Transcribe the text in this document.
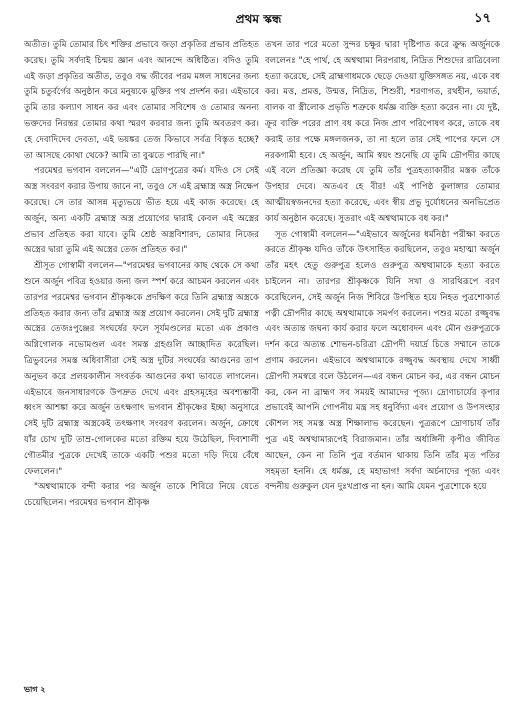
প্রথম স্কন্ধ	১৭

অতীত। তুমি তোমার চিৎ শক্তির প্রভাবে জড়া প্রকৃতির প্রভাব প্রতিহত করেছ। তুমি সর্বদাই চিন্ময় জ্ঞান এবং আনন্দে অধিষ্ঠিত। বদিও তুমি এই জড়া প্রকৃতির অতীত, তবুও বদ্ধ জীবের পরম মঙ্গল সাধনের জন্য তুমি চতুর্বর্গের অনুষ্ঠান করে মনুষ্যকে মুক্তির পথ প্রদর্শন কর। এইভাবে তুমি তার কল্যাণ সাধন কর এবং তোমার সবিশেষ ও তোমার অনন্য ভক্তদের নিরন্তর তোমার কথা স্মরণ করবার জন্য তুমি অবতরণ কর। হে দেবাদিদেব দেবতা, এই ভয়ঙ্কর তেজ কিভাবে সর্বত্র বিস্তৃত হচ্ছে? তা আসছে কোথা থেকে? আমি তা বুঝতে পারছি না।"

পরমেশ্বর ভগবান বললেন—"এটি দ্রোণপুত্রের কর্ম। যদিও সে সেই অস্ত্র সংবরণ করার উপায় জানে না, তবুও সে এই ব্রহ্মাস্ত্র অস্ত্র নিক্ষেপ করেছে। সে তার আসন্ন মৃত্যুভয়ে ভীত হয়ে এই কাজ করেছে। হে অর্জুন, অন্য একটি ব্রহ্মাস্ত্র অস্ত্র প্রয়োগের দ্বারাই কেবল এই অস্ত্রের প্রভাব প্রতিহত করা যাবে। তুমি শ্রেষ্ঠ অস্ত্রবিশারদ, তোমার নিজের অস্ত্রের দ্বারা তুমি এই অস্ত্রের তেজ প্রতিহত কর।"

শ্রীসূত গোস্বামী বললেন—"পরমেশ্বর ভগবানের কাছ থেকে সে কথা শুনে অর্জুন পবিত্র হওয়ার জন্য জল স্পর্শ করে আচমন করলেন এবং তারপর পরমেশ্বর ভগবান শ্রীকৃষ্ণকে প্রদক্ষিণ করে তিনি ব্রহ্মাস্ত্র অস্ত্রকে প্রতিহত করার জন্য তাঁর ব্রহ্মাস্ত্র অস্ত্র প্রয়োগ করলেন। সেই দুটি ব্রহ্মাস্ত্র অস্ত্রের তেজঃপুঞ্জের সংঘর্ষের ফলে সূর্যমণ্ডলের মতো এক প্রকাণ্ড অগ্নিগোলক নভোমণ্ডল এবং সমস্ত গ্রহগুলি আচ্ছাদিত করেছিল। ত্রিভুবনের সমস্ত অধিবাসীরা সেই অস্ত্র দুটির সংঘর্ষের আগুনের তাপ অনুভব করে প্রলয়কালীন সংবর্তক আগুনের কথা ভাবতে লাগলেন। এইভাবে জনসাধারণকে উপদ্রুত দেখে এবং গ্রহসমূহের অবশ্যম্ভাবী ধ্বংস আশঙ্কা করে অর্জুন তৎক্ষণাৎ ভগবান শ্রীকৃষ্ণের ইচ্ছা অনুসারে সেই দুটি ব্রহ্মাস্ত্র অস্ত্রকেই তৎক্ষণাৎ সংবরণ করলেন। অর্জুন, ক্রোধে যাঁর চোখ দুটি তাম্র-গোলকের মতো রক্তিম হয়ে উঠেছিল, দিব্যশালী গৌতমীর পুত্রকে দেখেই তাকে একটি পশুর মতো দড়ি দিয়ে বেঁধে ফেললেন।"

"অশ্বত্থামাকে বন্দী করার পর অর্জুন তাকে শিবিরে নিয়ে যেতে চেয়েছিলেন। পরমেশ্বর ভগবান শ্রীকৃষ্ণ

তখন তার পরে মতো সুন্দর চক্ষুর দ্বারা দৃষ্টিপাত করে ক্রুদ্ধ অর্জুনকে বললেনঃ "হে পার্থ, হে অশ্বত্থামা নিরপরাধ, নিদ্রিত শিশুদের রাত্রিবেলা হত্যা করেছে, সেই ব্রাহ্মণাধমকে ছেড়ে দেওয়া যুক্তিসঙ্গত নয়, একে বধ কর। মত্ত, প্রমত্ত, উন্মত্ত, নিদ্রিত, শিশুরী, শরণাগত, রথহীন, ভয়ার্ত, বালক বা স্ত্রীলোক প্রভৃতি শত্রুকে ধর্মজ্ঞ ব্যক্তি হত্যা করেন না। যে দুষ্ট, ক্রূর ব্যক্তি পরের প্রাণ বধ করে নিজ প্রাণ পরিপোষণ করে, তাকে বধ করাই তার পক্ষে মঙ্গলজনক, তা না হলে তার সেই পাপের ফলে সে নরকগামী হবে। হে অর্জুন, আমি স্বয়ং শুনেছি যে তুমি দ্রৌপদীর কাছে এই বলে প্রতিজ্ঞা করেছ যে তুমি তাঁর পুত্রহত্যাকারীর মস্তক তাঁকে উপহার দেবে। অতএব হে বীর! এই পাপিষ্ঠ কুলাঙ্গার তোমার আত্মীয়স্বজনদের হত্যা করেছে, এবং স্বীয় প্রভু দুর্যোধনের অনভিপ্রেত কার্য অনুষ্ঠান করেছে। সুতরাং এই অশ্বত্থামাকে বধ কর।"

সূত গোস্বামী বললেন—"এইভাবে অর্জুনের ধর্মনিষ্ঠা পরীক্ষা করতে করতে শ্রীকৃষ্ণ যদিও তাঁকে উৎসাহিত করছিলেন, তবুও মহাত্মা অর্জুন তাঁর মহৎ হেতু গুরুপুত্র হলেও গুরুপুত্র অশ্বত্থামাকে হত্যা করতে চাইলেন না। তারপর শ্রীকৃষ্ণকে যিনি সখা ও সারথিরূপে বরণ করেছিলেন, সেই অর্জুন নিজ শিবিরে উপস্থিত হয়ে নিহত পুত্রশোকার্ত পত্নী দ্রৌপদীর কাছে অশ্বত্থামাকে সমর্পণ করলেন। পশুর মতো রজ্জুবদ্ধ এবং অত্যন্ত জঘন্য কার্য করার ফলে অধোবদন এবং মৌন গুরুপুত্রকে দর্শন করে অত্যন্ত শোভন-চরিত্রা দ্রৌপদী দয়ার্দ্র চিত্তে সম্মানে তাকে প্রণাম করলেন। এইভাবে অশ্বত্থামাকে রজ্জুবদ্ধ অবস্থায় দেখে সাধ্বী দ্রৌপদী সমস্বরে বলে উঠলেন—এর বন্ধন মোচন কর, এর বন্ধন মোচন কর, কেন না ব্রাহ্মণ সব সময়ই আমাদের পূজ্য। দ্রোণাচার্যের কৃপার প্রভাবেই আপনি গোপনীয় মন্ত্র সহ ধনুর্বিদ্যা এবং প্রয়োগ ও উপসংহার কৌশল সহ সমস্ত অস্ত্র শিক্ষালাভ করেছেন। পুত্ররূপে দ্রোণাচার্য তাঁর পুত্র এই অশ্বত্থামারূপেই বিরাজমান। তাঁর অর্ধাঙ্গিনী কৃপীও জীবিত আছেন, কেন না তিনি পুত্র বর্তমান থাকায় তিনি তাঁর মৃত পতির সহমৃতা হননি। হে ধর্মজ্ঞ, হে মহাভাগ! সর্বদা অর্চনাদের পূজ্য এবং বন্দনীয় গুরুকুল যেন দুঃখপ্রাপ্ত না হন। আমি যেমন পুত্রশোকে হয়ে

ভাগ ২
